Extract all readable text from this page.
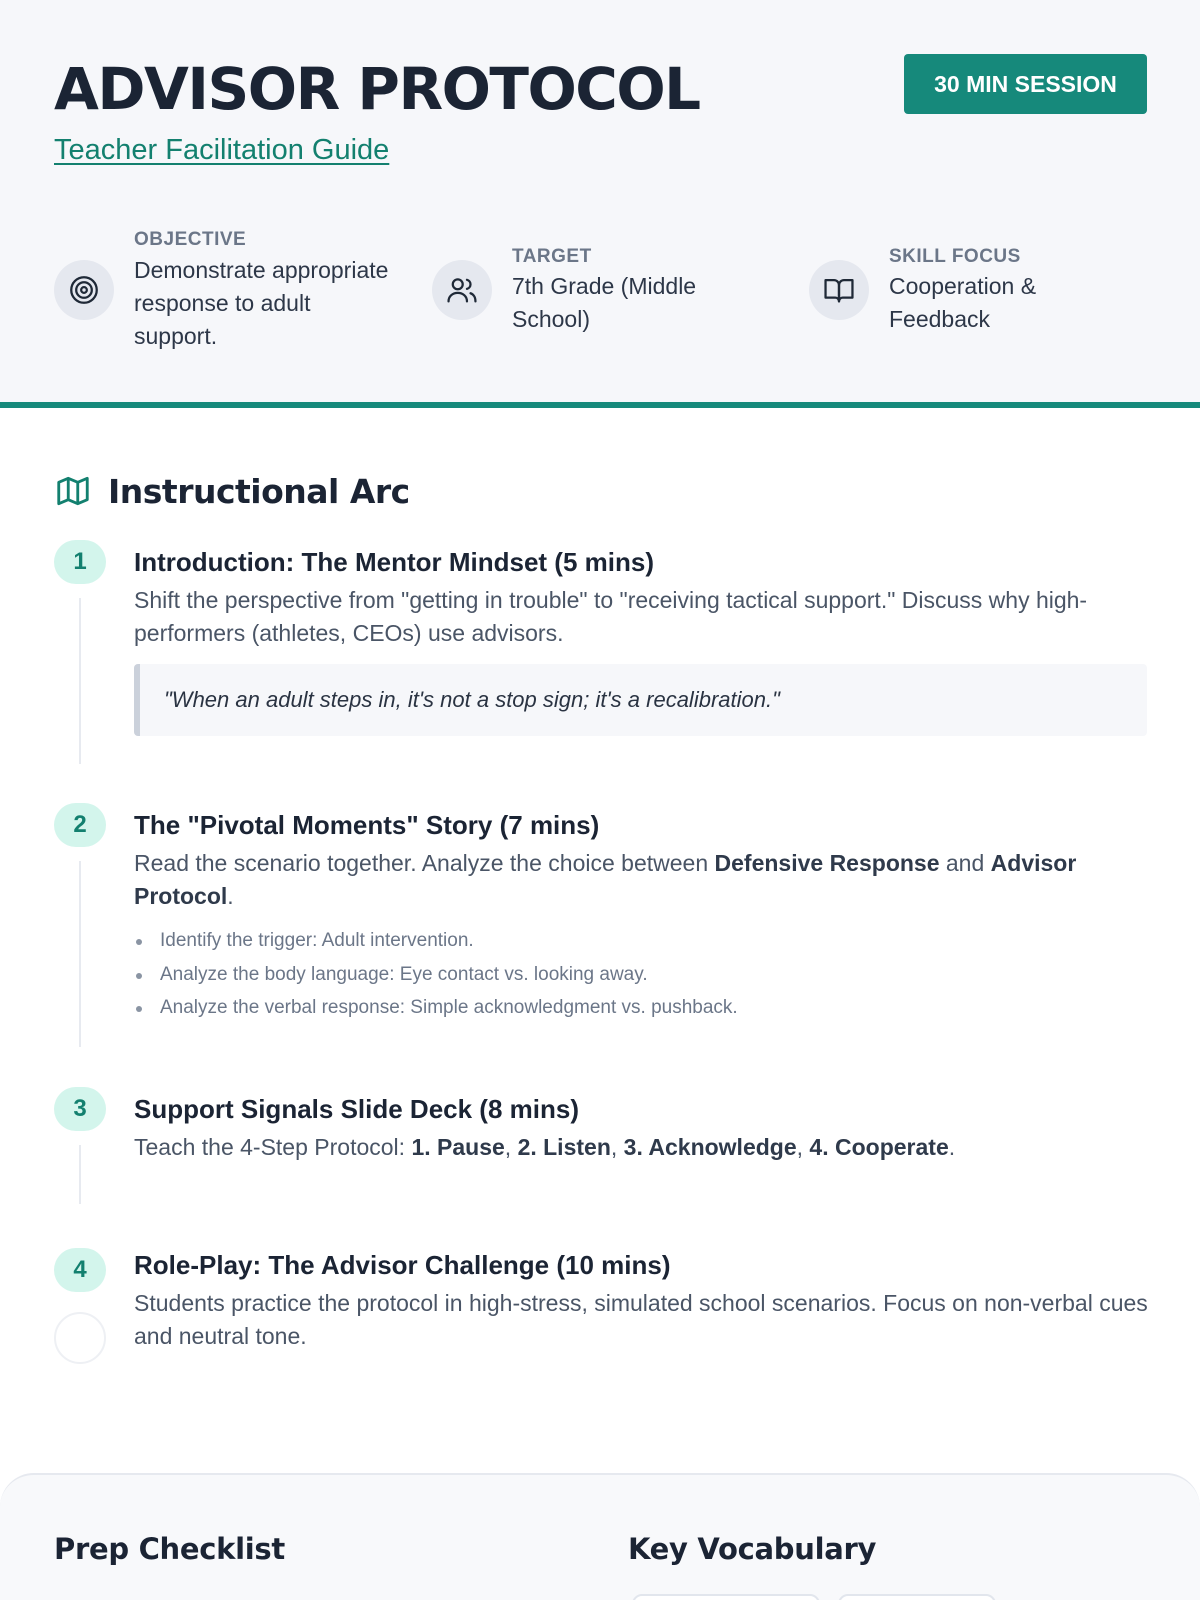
ADVISOR PROTOCOL
Teacher Facilitation Guide
30 MIN SESSION
OBJECTIVE
Demonstrate appropriate response to adult support.
TARGET
7th Grade (Middle School)
SKILL FOCUS
Cooperation & Feedback
Instructional Arc
1	Introduction: The Mentor Mindset (5 mins)
Shift the perspective from "getting in trouble" to "receiving tactical support." Discuss why high-performers (athletes, CEOs) use advisors.
"When an adult steps in, it's not a stop sign; it's a recalibration."
2	The "Pivotal Moments" Story (7 mins)
Read the scenario together. Analyze the choice between Defensive Response and Advisor Protocol.
Identify the trigger: Adult intervention.
Analyze the body language: Eye contact vs. looking away.
Analyze the verbal response: Simple acknowledgment vs. pushback.
3	Support Signals Slide Deck (8 mins)
Teach the 4-Step Protocol: 1. Pause, 2. Listen, 3. Acknowledge, 4. Cooperate.
4	Role-Play: The Advisor Challenge (10 mins)
Students practice the protocol in high-stress, simulated school scenarios. Focus on non-verbal cues and neutral tone.
Prep Checklist	Key Vocabulary
